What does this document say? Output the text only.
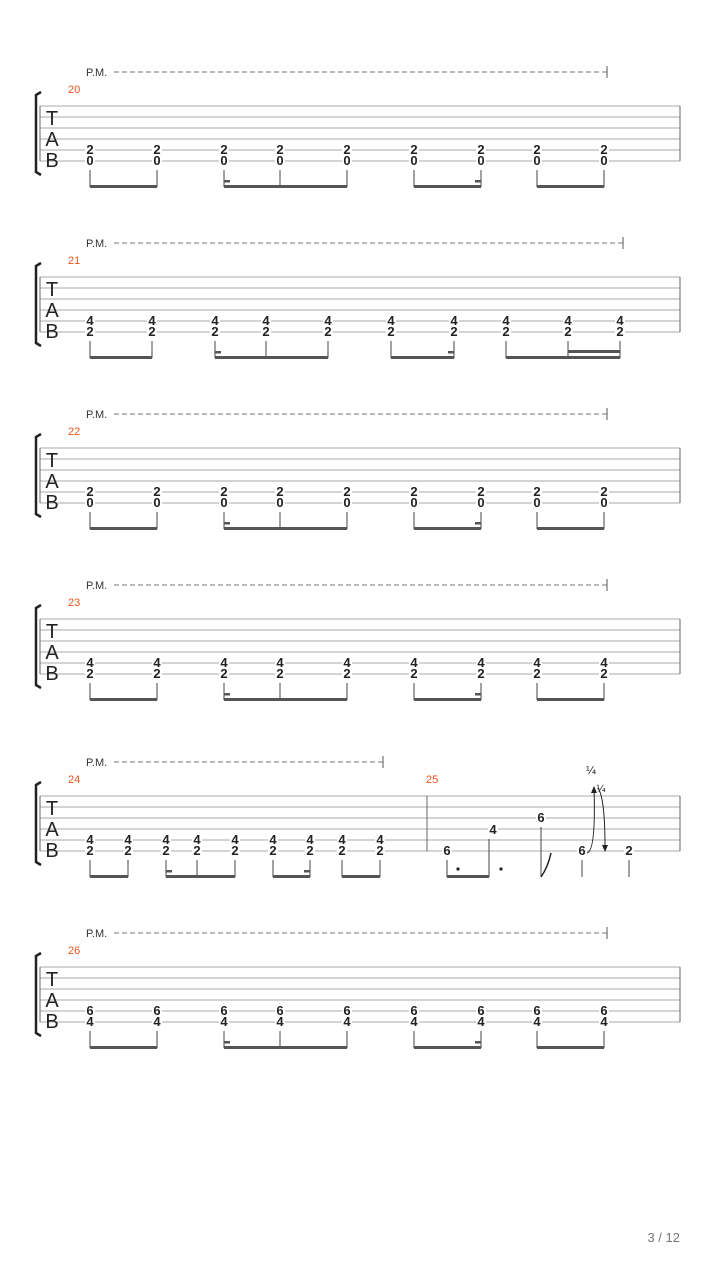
P.M.
20
T
A
B
2
0
2
0
2
0
2
0
2
0
2
0
2
0
2
0
2
0
P.M.
21
T
A
B
4
2
4
2
4
2
4
2
4
2
4
2
4
2
4
2
4
2
4
2
P.M.
22
T
A
B
2
0
2
0
2
0
2
0
2
0
2
0
2
0
2
0
2
0
P.M.
23
T
A
B
4
2
4
2
4
2
4
2
4
2
4
2
4
2
4
2
4
2
P.M.
24	25
T
A
B
4
2
4
2
4
2
4
2
4
2
4
2
4
2
4
2
4
2	6
4
6
6	2
¼
¼
P.M.
26
T
A
B
6
4
6
4
6
4
6
4
6
4
6
4
6
4
6
4
6
4
3 / 12
